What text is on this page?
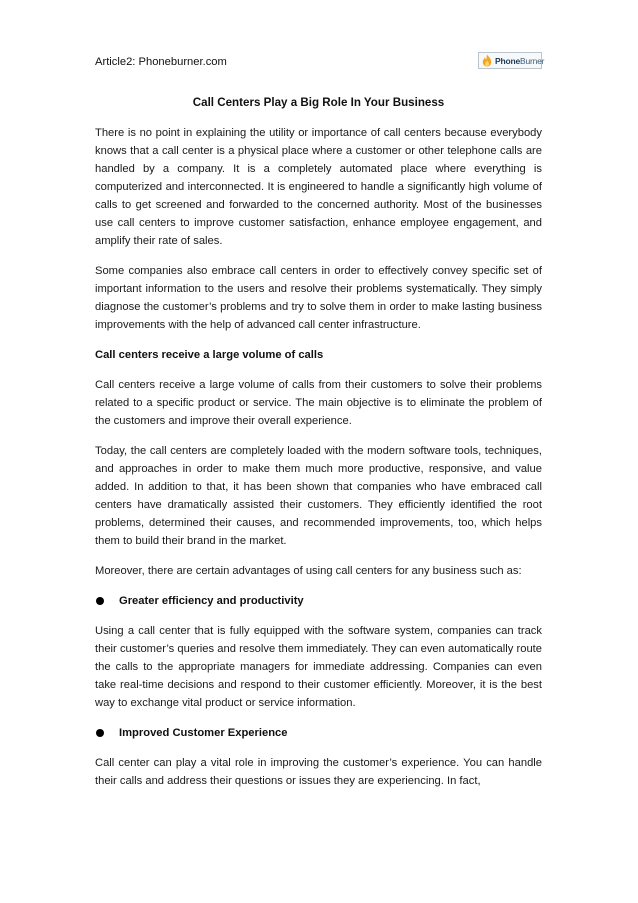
Article2: Phoneburner.com	PhoneBurner
Call Centers Play a Big Role In Your Business

There is no point in explaining the utility or importance of call centers because everybody knows that a call center is a physical place where a customer or other telephone calls are handled by a company. It is a completely automated place where everything is computerized and interconnected. It is engineered to handle a significantly high volume of calls to get screened and forwarded to the concerned authority. Most of the businesses use call centers to improve customer satisfaction, enhance employee engagement, and amplify their rate of sales.

Some companies also embrace call centers in order to effectively convey specific set of important information to the users and resolve their problems systematically. They simply diagnose the customer’s problems and try to solve them in order to make lasting business improvements with the help of advanced call center infrastructure.

Call centers receive a large volume of calls

Call centers receive a large volume of calls from their customers to solve their problems related to a specific product or service. The main objective is to eliminate the problem of the customers and improve their overall experience.

Today, the call centers are completely loaded with the modern software tools, techniques, and approaches in order to make them much more productive, responsive, and value added. In addition to that, it has been shown that companies who have embraced call centers have dramatically assisted their customers. They efficiently identified the root problems, determined their causes, and recommended improvements, too, which helps them to build their brand in the market.

Moreover, there are certain advantages of using call centers for any business such as:

Greater efficiency and productivity

Using a call center that is fully equipped with the software system, companies can track their customer’s queries and resolve them immediately. They can even automatically route the calls to the appropriate managers for immediate addressing. Companies can even take real-time decisions and respond to their customer efficiently. Moreover, it is the best way to exchange vital product or service information.

Improved Customer Experience

Call center can play a vital role in improving the customer’s experience. You can handle their calls and address their questions or issues they are experiencing. In fact,
